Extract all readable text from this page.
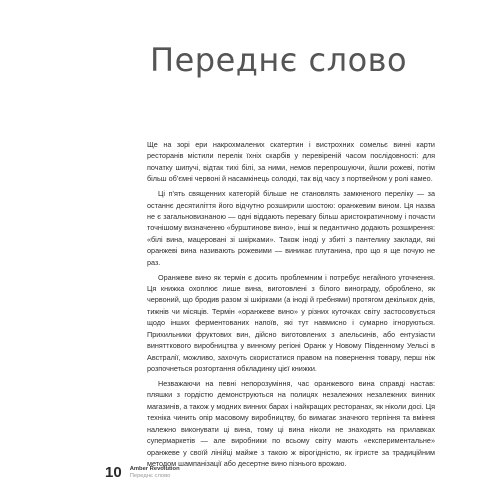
Переднє слово

Ще на зорі ери накрохмалених скатертин і вистрохних сомельє винні карти ресторанів містили перелік їхніх скарбів у перевіреній часом послідовності: для початку шипучі, відтак тихі білі, за ними, немов перепрошуючи, йшли рожеві, потім більш об’ємні червоні й насамкінець солодкі, так від часу з портвейном у ролі камео.

Ці п’ять священних категорій більше не становлять замкненого переліку — за останнє десятиліття його відчутно розширили шостою: оранжевим вином. Ця назва не є загальновизнаною — одні віддають перевагу більш аристократичному і почасти точнішому визначенню «бурштинове вино», інші ж педантично додають розширення: «білі вина, мацеровані зі шкірками». Також іноді у збиті з пантелику заклади, які оранжеві вина називають рожевими — виникає плутанина, про що я ще почую не раз.

Оранжеве вино як термін є досить проблемним і потребує негайного уточнення. Ця книжка охоплює лише вина, виготовлені з білого винограду, оброблено, як червоний, що бродив разом зі шкірками (а іноді й гребнями) протягом декількох днів, тижнів чи місяців. Термін «оранжеве вино» у різних куточках світу застосовується щодо інших ферментованих напоїв, які тут навмисно і сумарно ігноруються. Прихильники фруктових вин, дійсно виготовлених з апельсинів, або ентузіасти винятткового виробництва у винному регіоні Оранж у Новому Південному Уельсі в Австралії, можливо, захочуть скористатися правом на повернення товару, перш ніж розпочнеться розгортання обкладинку цієї книжки.

Незважаючи на певні непорозуміння, час оранжевого вина справді настав: пляшки з гордістю демонструються на полицях незалежних незалежних винних магазинів, а також у модних винних барах і найкращих ресторанах, як ніколи досі. Ця техніка чинить опір масовому виробництву, бо вимагає значного терпіння та вміння належно виконувати ці вина, тому ці вина ніколи не знаходять на прилавках супермаркетів — але виробники по всьому світу мають «експериментальне» оранжеве у своїй лінійці майже з такою ж вірогідністю, як ігристе за традиційним методом шампанізації або десертне вино пізнього врожаю.

10 Amber Revolution
Переднє слово
